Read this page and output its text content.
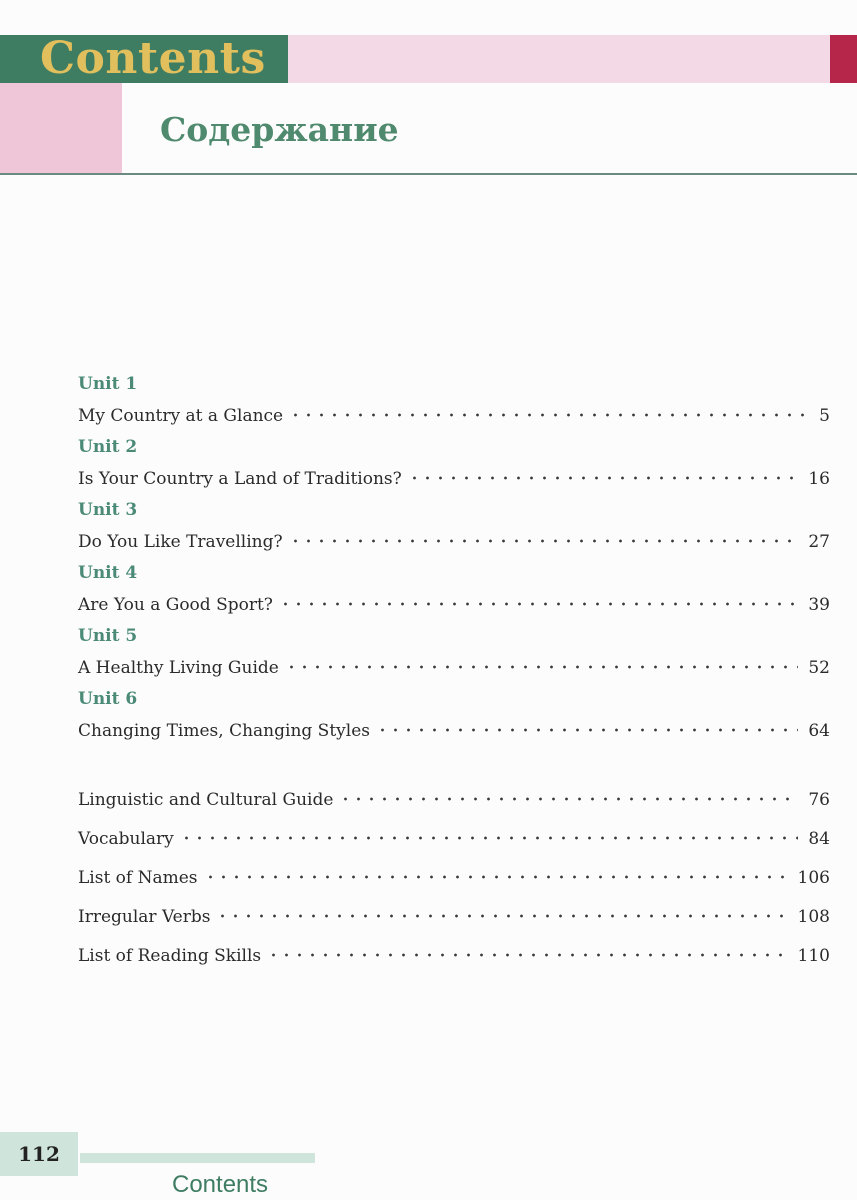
Contents
Содержание
Unit 1
My Country at a Glance	5
Unit 2
Is Your Country a Land of Traditions?	16
Unit 3
Do You Like Travelling?	27
Unit 4
Are You a Good Sport?	39
Unit 5
A Healthy Living Guide	52
Unit 6
Changing Times, Changing Styles	64
Linguistic and Cultural Guide	76
Vocabulary	84
List of Names	106
Irregular Verbs	108
List of Reading Skills	110
112
Contents
